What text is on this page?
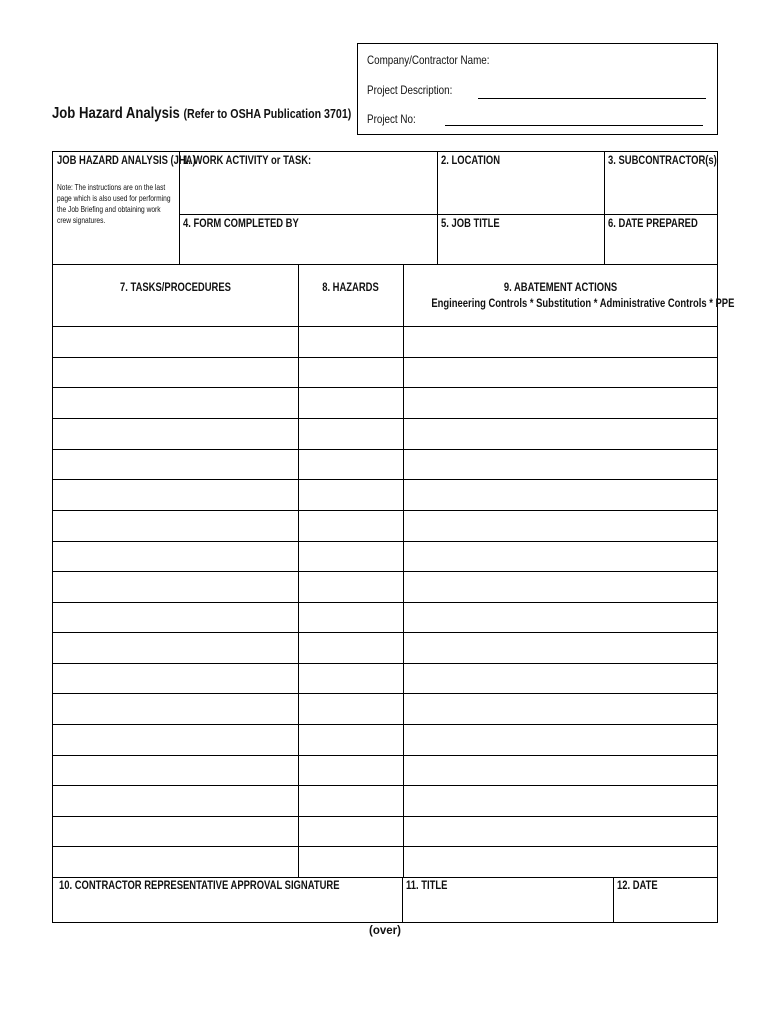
Company/Contractor Name:
Project Description:
Project No:
Job Hazard Analysis (Refer to OSHA Publication 3701)
JOB HAZARD ANALYSIS (JHA)
Note: The instructions are on the last page which is also used for performing the Job Briefing and obtaining work crew signatures.
1. WORK ACTIVITY or TASK:	2. LOCATION	3. SUBCONTRACTOR(s)
4. FORM COMPLETED BY	5. JOB TITLE	6. DATE PREPARED
7. TASKS/PROCEDURES	8. HAZARDS	9. ABATEMENT ACTIONS
Engineering Controls * Substitution * Administrative Controls * PPE
10. CONTRACTOR REPRESENTATIVE APPROVAL SIGNATURE	11. TITLE	12. DATE
(over)
